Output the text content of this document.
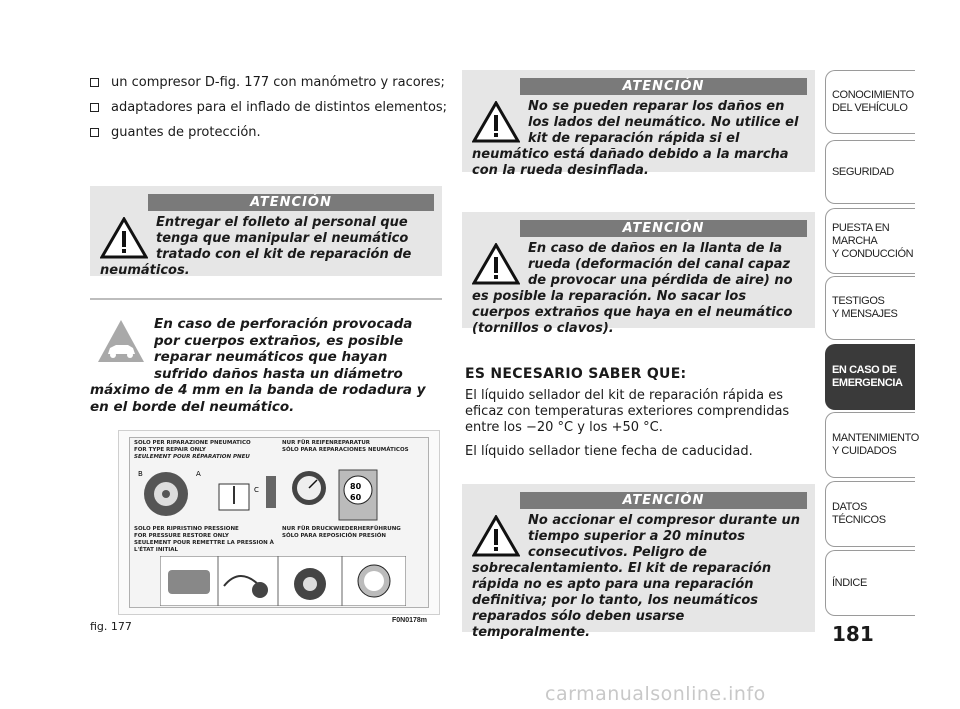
un compresor D-fig. 177 con manómetro y racores;
adaptadores para el inflado de distintos elementos;
guantes de protección.
ATENCIÓN
Entregar el folleto al personal que tenga que manipular el neumático tratado con el kit de reparación de neumáticos.
En caso de perforación provocada por cuerpos extraños, es posible reparar neumáticos que hayan sufrido daños hasta un diámetro máximo de 4 mm en la banda de rodadura y en el borde del neumático.
SOLO PER RIPARAZIONE PNEUMATICO
FOR TYPE REPAIR ONLY
SEULEMENT POUR RÉPARATION PNEU
NUR FÜR REIFENREPARATUR
SÓLO PARA REPARACIONES NEUMÁTICOS
B	A
C	80
60
SOLO PER RIPRISTINO PRESSIONE
FOR PRESSURE RESTORE ONLY
SEULEMENT POUR REMETTRE LA PRESSION À L'ÉTAT INITIAL
NUR FÜR DRUCKWIEDERHERFÜHRUNG
SÓLO PARA REPOSICIÓN PRESIÓN
fig. 177	F0N0178m
ATENCIÓN
No se pueden reparar los daños en los lados del neumático. No utilice el kit de reparación rápida si el neumático está dañado debido a la marcha con la rueda desinflada.
ATENCIÓN
En caso de daños en la llanta de la rueda (deformación del canal capaz de provocar una pérdida de aire) no es posible la reparación. No sacar los cuerpos extraños que haya en el neumático (tornillos o clavos).
ES NECESARIO SABER QUE:

El líquido sellador del kit de reparación rápida es eficaz con temperaturas exteriores comprendidas entre los −20 °C y los +50 °C.

El líquido sellador tiene fecha de caducidad.

ATENCIÓN
No accionar el compresor durante un tiempo superior a 20 minutos consecutivos. Peligro de sobrecalentamiento. El kit de reparación rápida no es apto para una reparación definitiva; por lo tanto, los neumáticos reparados sólo deben usarse temporalmente.
CONOCIMIENTO
DEL VEHÍCULO
SEGURIDAD
PUESTA EN
MARCHA
Y CONDUCCIÓN
TESTIGOS
Y MENSAJES
EN CASO DE
EMERGENCIA
MANTENIMIENTO
Y CUIDADOS
DATOS
TÉCNICOS
ÍNDICE
181
carmanualsonline.info
